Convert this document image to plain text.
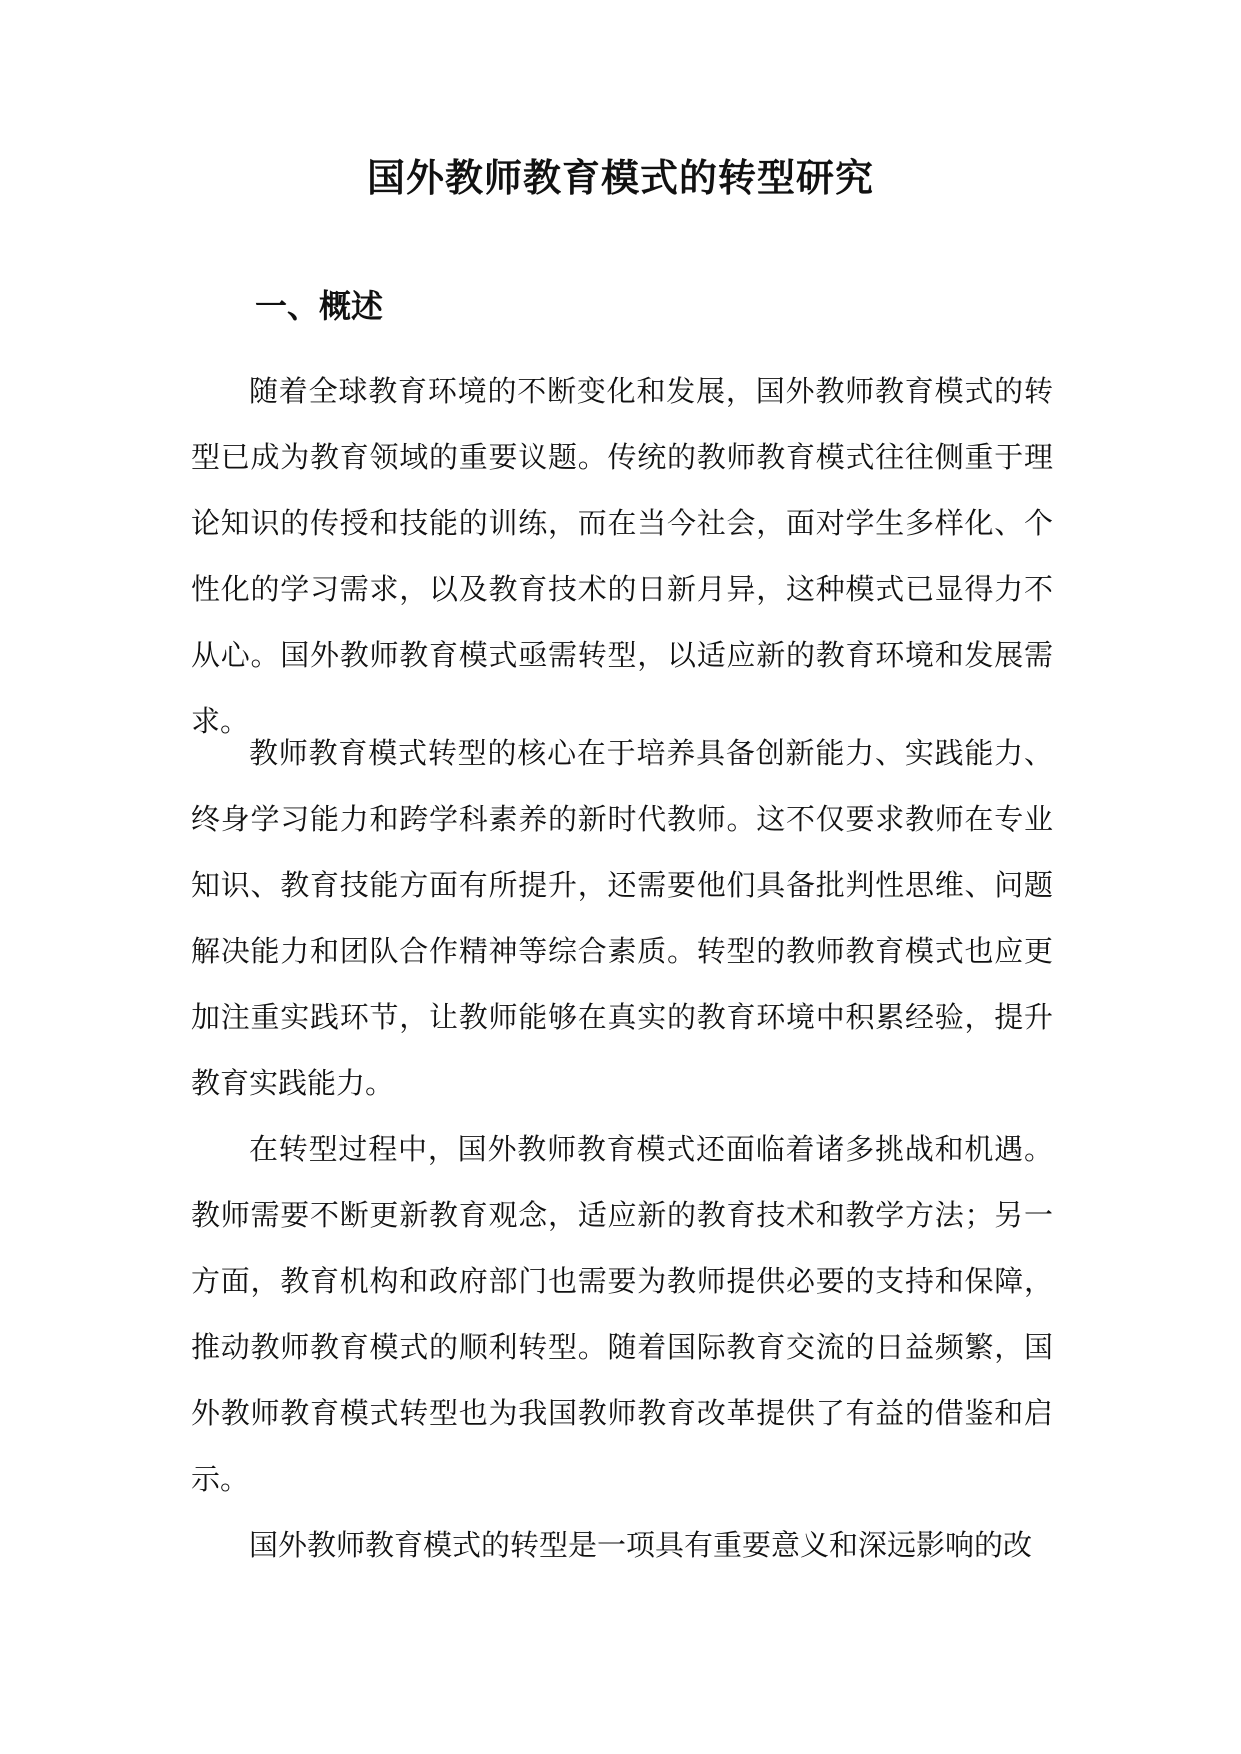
国外教师教育模式的转型研究
一、概述

随着全球教育环境的不断变化和发展，国外教师教育模式的转型已成为教育领域的重要议题。传统的教师教育模式往往侧重于理论知识的传授和技能的训练，而在当今社会，面对学生多样化、个性化的学习需求，以及教育技术的日新月异，这种模式已显得力不从心。国外教师教育模式亟需转型，以适应新的教育环境和发展需求。

教师教育模式转型的核心在于培养具备创新能力、实践能力、终身学习能力和跨学科素养的新时代教师。这不仅要求教师在专业知识、教育技能方面有所提升，还需要他们具备批判性思维、问题解决能力和团队合作精神等综合素质。转型的教师教育模式也应更加注重实践环节，让教师能够在真实的教育环境中积累经验，提升教育实践能力。

在转型过程中，国外教师教育模式还面临着诸多挑战和机遇。教师需要不断更新教育观念，适应新的教育技术和教学方法；另一方面，教育机构和政府部门也需要为教师提供必要的支持和保障，推动教师教育模式的顺利转型。随着国际教育交流的日益频繁，国外教师教育模式转型也为我国教师教育改革提供了有益的借鉴和启示。

国外教师教育模式的转型是一项具有重要意义和深远影响的改
